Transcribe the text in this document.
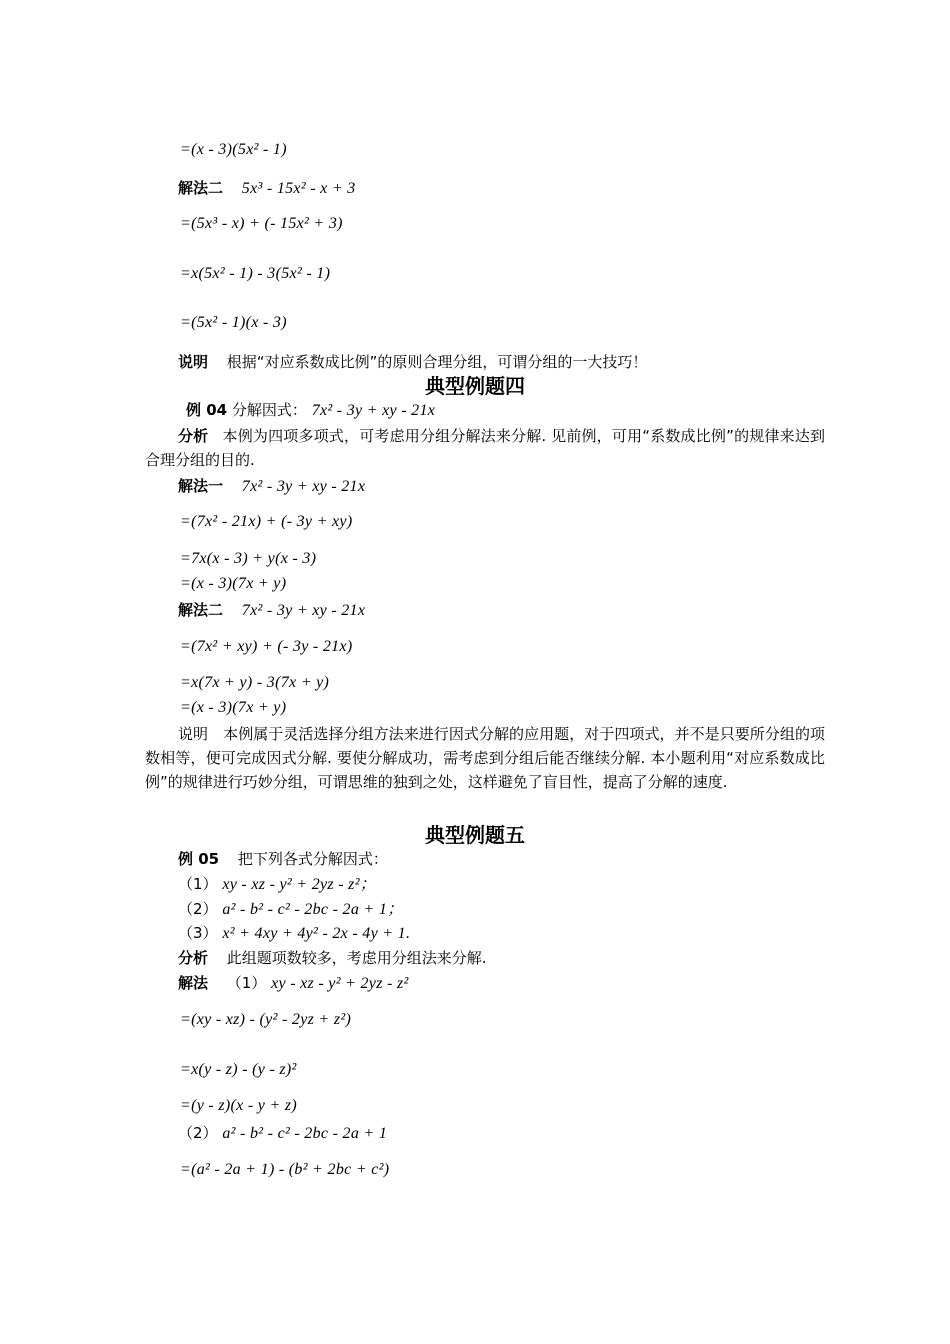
=(x - 3)(5x² - 1)
解法二 5x³ - 15x² - x + 3
=(5x³ - x) + (- 15x² + 3)
=x(5x² - 1) - 3(5x² - 1)
=(5x² - 1)(x - 3)
说明 根据“对应系数成比例”的原则合理分组，可谓分组的一大技巧！
典型例题四
例 04 分解因式： 7x² - 3y + xy - 21x
分析 本例为四项多项式，可考虑用分组分解法来分解. 见前例，可用“系数成比例”的规律来达到合理分组的目的.
解法一 7x² - 3y + xy - 21x
=(7x² - 21x) + (- 3y + xy)
=7x(x - 3) + y(x - 3)
=(x - 3)(7x + y)
解法二 7x² - 3y + xy - 21x
=(7x² + xy) + (- 3y - 21x)
=x(7x + y) - 3(7x + y)
=(x - 3)(7x + y)
说明　本例属于灵活选择分组方法来进行因式分解的应用题，对于四项式，并不是只要所分组的项数相等，便可完成因式分解. 要使分解成功，需考虑到分组后能否继续分解. 本小题利用“对应系数成比例”的规律进行巧妙分组，可谓思维的独到之处，这样避免了盲目性，提高了分解的速度.
典型例题五
例 05 把下列各式分解因式：
（1） xy - xz - y² + 2yz - z²；
（2） a² - b² - c² - 2bc - 2a + 1；
（3） x² + 4xy + 4y² - 2x - 4y + 1.
分析 此组题项数较多，考虑用分组法来分解.
解法 （1） xy - xz - y² + 2yz - z²
=(xy - xz) - (y² - 2yz + z²)
=x(y - z) - (y - z)²
=(y - z)(x - y + z)
（2） a² - b² - c² - 2bc - 2a + 1
=(a² - 2a + 1) - (b² + 2bc + c²)
